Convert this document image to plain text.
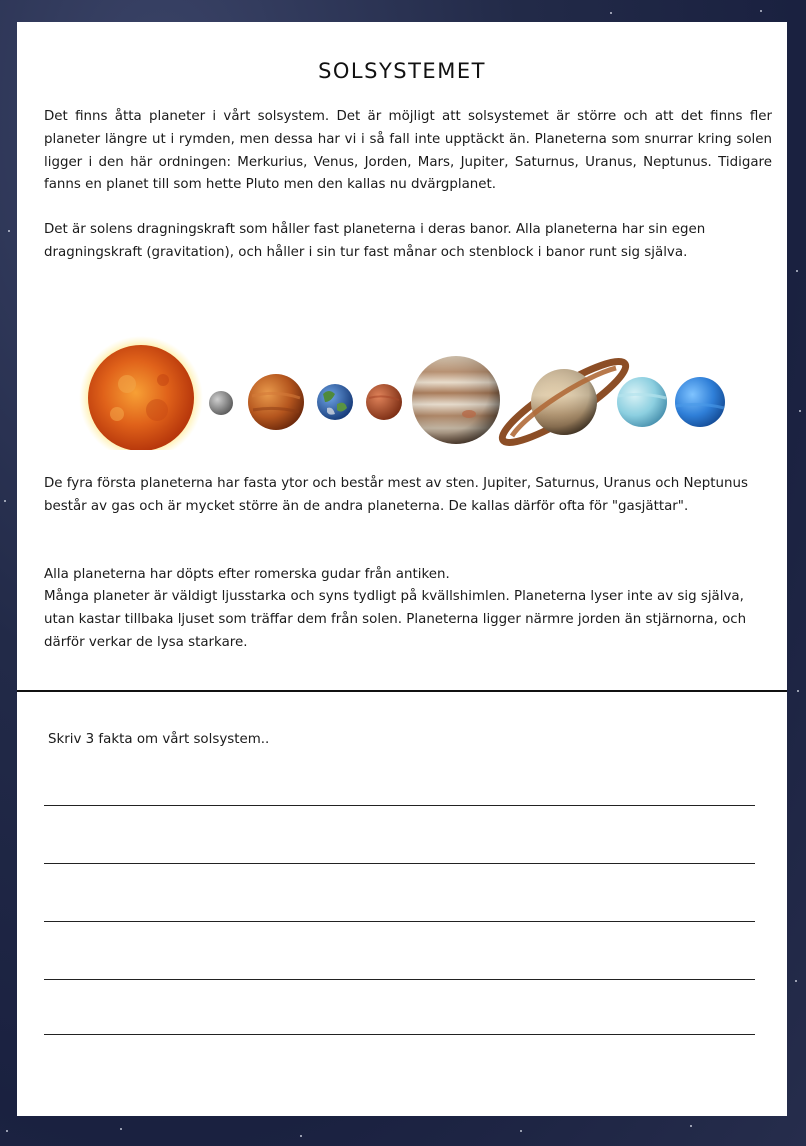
SOLSYSTEMET

Det finns åtta planeter i vårt solsystem. Det är möjligt att solsystemet är större och att det finns fler planeter längre ut i rymden, men dessa har vi i så fall inte upptäckt än. Planeterna som snurrar kring solen ligger i den här ordningen: Merkurius, Venus, Jorden, Mars, Jupiter, Saturnus, Uranus, Neptunus. Tidigare fanns en planet till som hette Pluto men den kallas nu dvärgplanet.

Det är solens dragningskraft som håller fast planeterna i deras banor. Alla planeterna har sin egen dragningskraft (gravitation), och håller i sin tur fast månar och stenblock i banor runt sig själva.

De fyra första planeterna har fasta ytor och består mest av sten. Jupiter, Saturnus, Uranus och Neptunus består av gas och är mycket större än de andra planeterna. De kallas därför ofta för "gasjättar".

Alla planeterna har döpts efter romerska gudar från antiken.

Många planeter är väldigt ljusstarka och syns tydligt på kvällshimlen. Planeterna lyser inte av sig själva, utan kastar tillbaka ljuset som träffar dem från solen. Planeterna ligger närmre jorden än stjärnorna, och därför verkar de lysa starkare.

Skriv 3 fakta om vårt solsystem..
